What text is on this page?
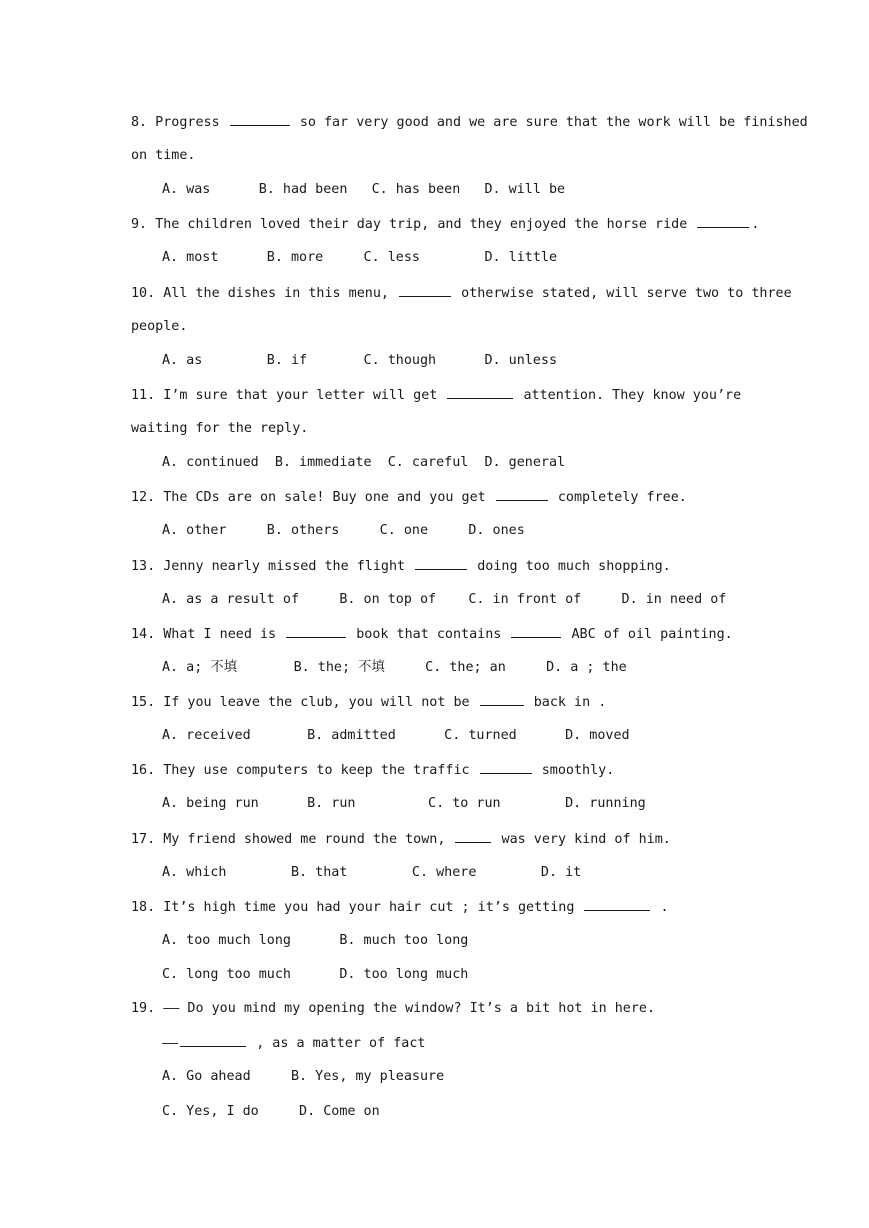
8. Progress	so far very good and we are sure that the work will be finished
on time.
A. was      B. had been   C. has been   D. will be
9. The children loved their day trip, and they enjoyed the horse ride	.
A. most      B. more     C. less        D. little
10. All the dishes in this menu,	otherwise stated, will serve two to three
people.
A. as        B. if       C. though      D. unless
11. I’m sure that your letter will get	attention. They know you’re
waiting for the reply.
A. continued  B. immediate  C. careful  D. general
12. The CDs are on sale! Buy one and you get	completely free.
A. other     B. others     C. one     D. ones
13. Jenny nearly missed the flight	doing too much shopping.
A. as a result of     B. on top of    C. in front of     D. in need of
14. What I need is	book that contains	ABC of oil painting.
A. a; 不填       B. the; 不填     C. the; an     D. a ; the
15. If you leave the club, you will not be	back in .
A. received       B. admitted      C. turned      D. moved
16. They use computers to keep the traffic	smoothly.
A. being run      B. run         C. to run        D. running
17. My friend showed me round the town,	was very kind of him.
A. which        B. that        C. where        D. it
18. It’s high time you had your hair cut ; it’s getting	.
A. too much long      B. much too long
C. long too much      D. too long much
19. —— Do you mind my opening the window? It’s a bit hot in here.
——	, as a matter of fact
A. Go ahead     B. Yes, my pleasure
C. Yes, I do     D. Come on
